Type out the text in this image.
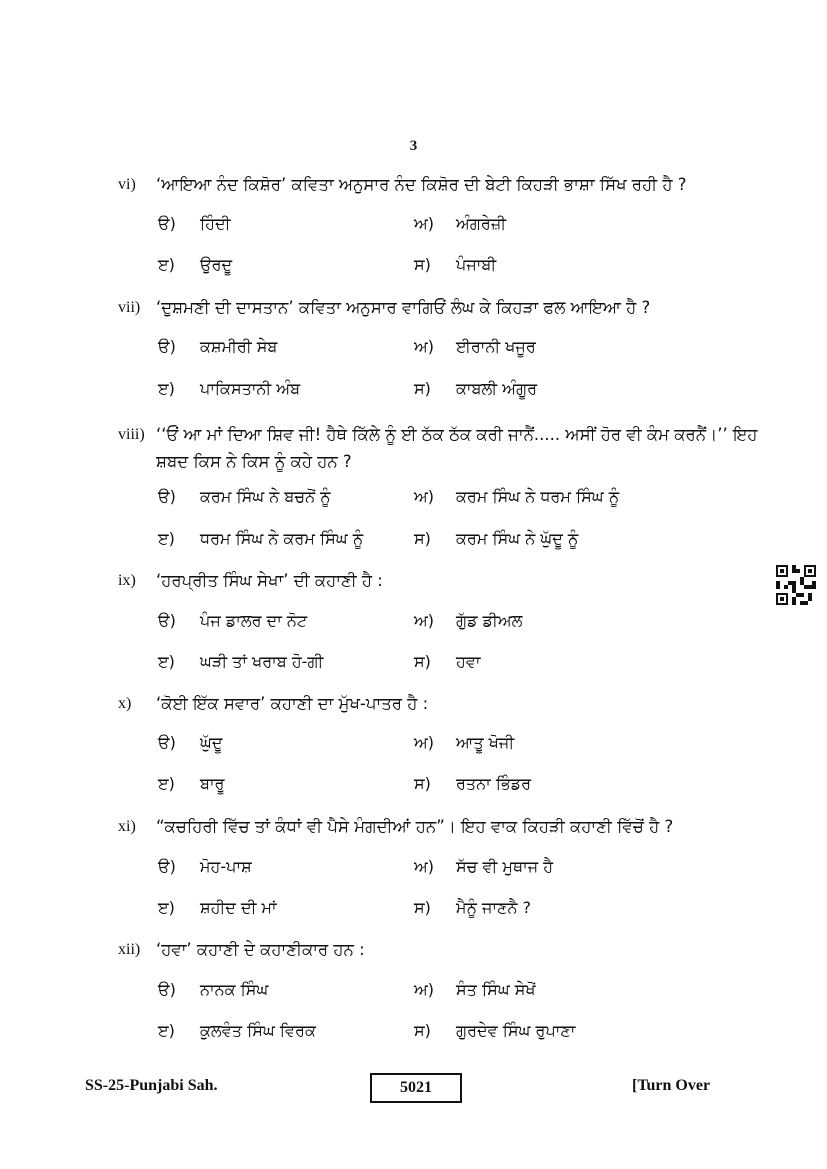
3
vi)	‘ਆਇਆ ਨੰਦ ਕਿਸ਼ੋਰ’ ਕਵਿਤਾ ਅਨੁਸਾਰ ਨੰਦ ਕਿਸ਼ੋਰ ਦੀ ਬੇਟੀ ਕਿਹੜੀ ਭਾਸ਼ਾ ਸਿੱਖ ਰਹੀ ਹੈ ?
ੳ) ਹਿੰਦੀ	ਅ) ਅੰਗਰੇਜ਼ੀ
ੲ) ਉਰਦੂ	ਸ) ਪੰਜਾਬੀ
vii) ‘ਦੁਸ਼ਮਣੀ ਦੀ ਦਾਸਤਾਨ’ ਕਵਿਤਾ ਅਨੁਸਾਰ ਵਾਗਿਓਂ ਲੰਘ ਕੇ ਕਿਹੜਾ ਫਲ ਆਇਆ ਹੈ ?
ੳ) ਕਸ਼ਮੀਰੀ ਸੇਬ	ਅ) ਈਰਾਨੀ ਖਜੂਰ
ੲ) ਪਾਕਿਸਤਾਨੀ ਅੰਬ	ਸ) ਕਾਬਲੀ ਅੰਗੂਰ
viii) ‘‘ਓਂ ਆ ਮਾਂ ਦਿਆ ਸ਼ਿਵ ਜੀ! ਹੈਥੇ ਕਿੱਲੇ ਨੂੰ ਈ ਠੱਕ ਠੱਕ ਕਰੀ ਜਾਨੈਂ..... ਅਸੀਂ ਹੋਰ ਵੀ ਕੰਮ ਕਰਨੈਂ।’’ ਇਹ ਸ਼ਬਦ ਕਿਸ ਨੇ ਕਿਸ ਨੂੰ ਕਹੇ ਹਨ ?
ੳ) ਕਰਮ ਸਿੰਘ ਨੇ ਬਚਨੋਂ ਨੂੰ	ਅ) ਕਰਮ ਸਿੰਘ ਨੇ ਧਰਮ ਸਿੰਘ ਨੂੰ
ੲ) ਧਰਮ ਸਿੰਘ ਨੇ ਕਰਮ ਸਿੰਘ ਨੂੰ	ਸ) ਕਰਮ ਸਿੰਘ ਨੇ ਘੁੱਦੂ ਨੂੰ
ix)	‘ਹਰਪ੍ਰੀਤ ਸਿੰਘ ਸੇਖਾ’ ਦੀ ਕਹਾਣੀ ਹੈ :
ੳ) ਪੰਜ ਡਾਲਰ ਦਾ ਨੋਟ	ਅ) ਗੁੱਡ ਡੀਅਲ
ੲ) ਘੜੀ ਤਾਂ ਖਰਾਬ ਹੋ-ਗੀ	ਸ) ਹਵਾ
x)	‘ਕੋਈ ਇੱਕ ਸਵਾਰ’ ਕਹਾਣੀ ਦਾ ਮੁੱਖ-ਪਾਤਰ ਹੈ :
ੳ) ਘੁੱਦੂ	ਅ) ਆਤੂ ਖੋਜੀ
ੲ) ਬਾਰੂ	ਸ) ਰਤਨਾ ਭਿੰਡਰ
xi)	“ਕਚਹਿਰੀ ਵਿੱਚ ਤਾਂ ਕੰਧਾਂ ਵੀ ਪੈਸੇ ਮੰਗਦੀਆਂ ਹਨ”। ਇਹ ਵਾਕ ਕਿਹੜੀ ਕਹਾਣੀ ਵਿੱਚੋਂ ਹੈ ?
ੳ) ਮੋਹ-ਪਾਸ਼	ਅ) ਸੱਚ ਵੀ ਮੁਥਾਜ ਹੈ
ੲ) ਸ਼ਹੀਦ ਦੀ ਮਾਂ	ਸ) ਮੈਨੂੰ ਜਾਣਨੈ ?
xii) ‘ਹਵਾ’ ਕਹਾਣੀ ਦੇ ਕਹਾਣੀਕਾਰ ਹਨ :
ੳ) ਨਾਨਕ ਸਿੰਘ	ਅ) ਸੰਤ ਸਿੰਘ ਸੇਖੋਂ
ੲ) ਕੁਲਵੰਤ ਸਿੰਘ ਵਿਰਕ	ਸ) ਗੁਰਦੇਵ ਸਿੰਘ ਰੁਪਾਣਾ
SS-25-Punjabi Sah.	5021	[Turn Over
